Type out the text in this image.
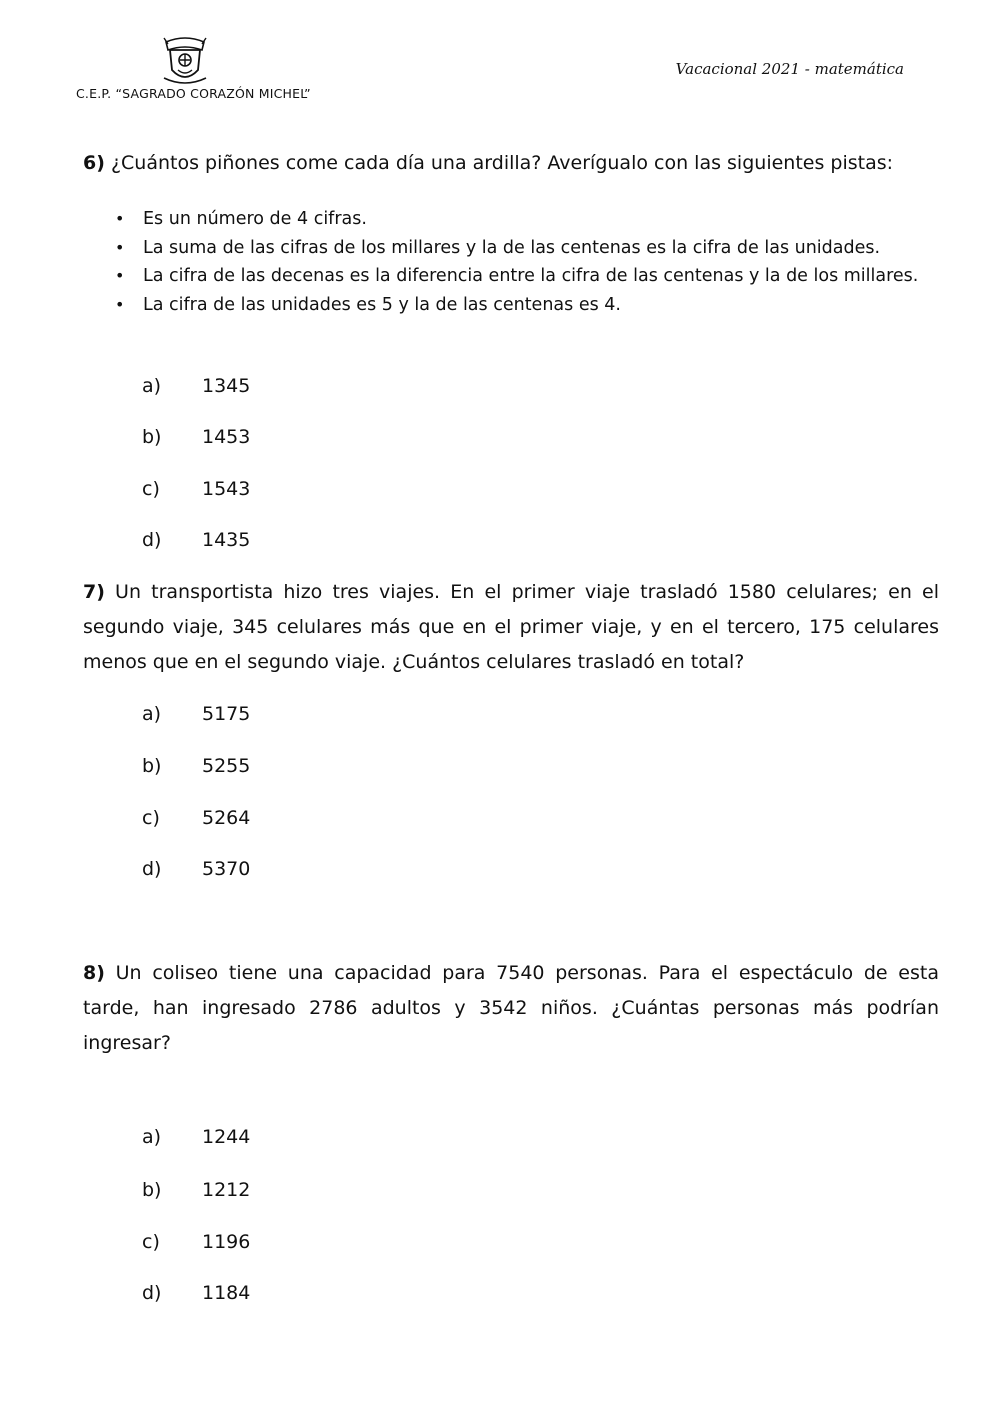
C.E.P. “SAGRADO CORAZÓN MICHEL”
Vacacional 2021 - matemática
6) ¿Cuántos piñones come cada día una ardilla? Averígualo con las siguientes pistas:
• Es un número de 4 cifras.
• La suma de las cifras de los millares y la de las centenas es la cifra de las unidades.
• La cifra de las decenas es la diferencia entre la cifra de las centenas y la de los millares.
• La cifra de las unidades es 5 y la de las centenas es 4.
a)	1345
b)	1453
c)	1543
d)	1435
7) Un transportista hizo tres viajes. En el primer viaje trasladó 1580 celulares; en el segundo viaje, 345 celulares más que en el primer viaje, y en el tercero, 175 celulares menos que en el segundo viaje. ¿Cuántos celulares trasladó en total?
a)	5175
b)	5255
c)	5264
d)	5370
8) Un coliseo tiene una capacidad para 7540 personas. Para el espectáculo de esta tarde, han ingresado 2786 adultos y 3542 niños. ¿Cuántas personas más podrían ingresar?
a)	1244
b)	1212
c)	1196
d)	1184
